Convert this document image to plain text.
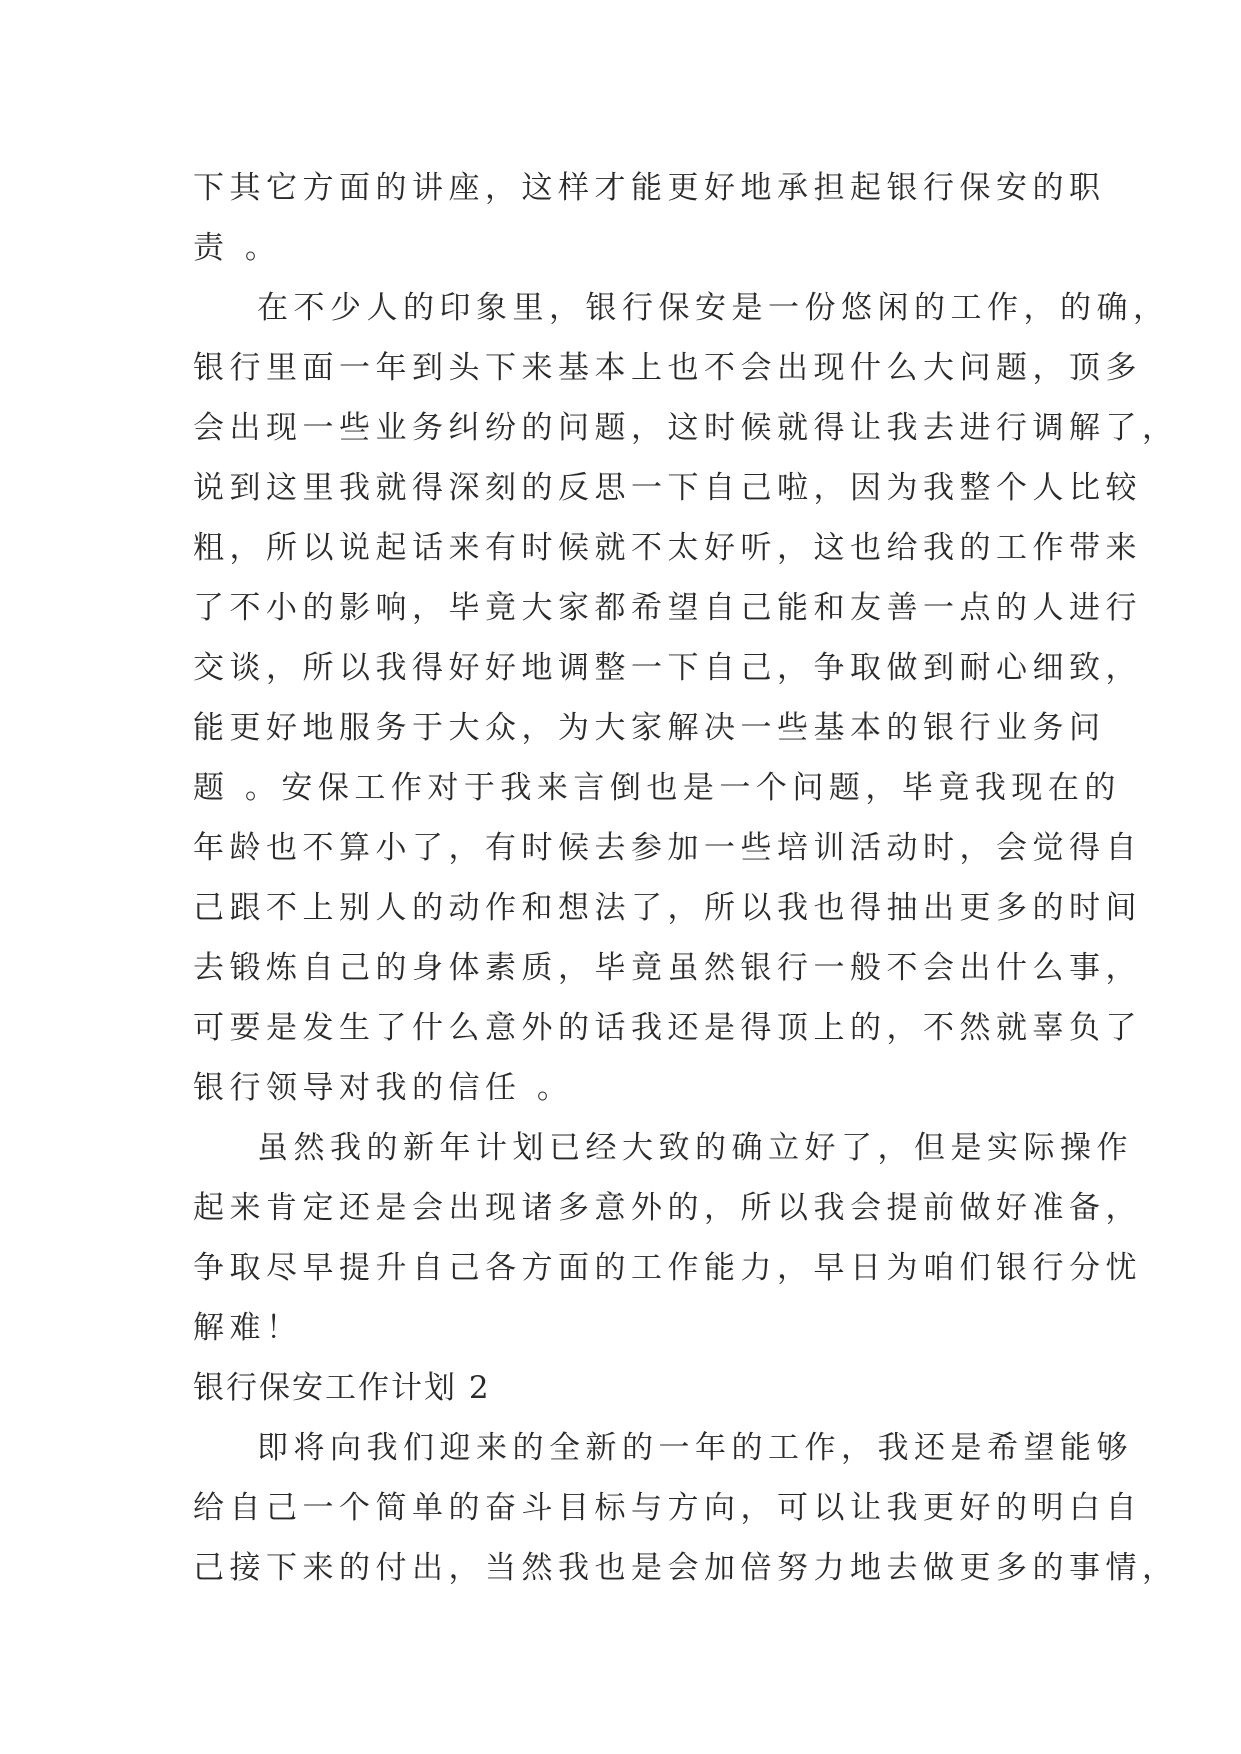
下其它方面的讲座，这样才能更好地承担起银行保安的职
责 。
在不少人的印象里，银行保安是一份悠闲的工作，的确，
银行里面一年到头下来基本上也不会出现什么大问题，顶多
会出现一些业务纠纷的问题，这时候就得让我去进行调解了，
说到这里我就得深刻的反思一下自己啦，因为我整个人比较
粗，所以说起话来有时候就不太好听，这也给我的工作带来
了不小的影响，毕竟大家都希望自己能和友善一点的人进行
交谈，所以我得好好地调整一下自己，争取做到耐心细致，
能更好地服务于大众，为大家解决一些基本的银行业务问
题 。安保工作对于我来言倒也是一个问题，毕竟我现在的
年龄也不算小了，有时候去参加一些培训活动时，会觉得自
己跟不上别人的动作和想法了，所以我也得抽出更多的时间
去锻炼自己的身体素质，毕竟虽然银行一般不会出什么事，
可要是发生了什么意外的话我还是得顶上的，不然就辜负了
银行领导对我的信任 。
虽然我的新年计划已经大致的确立好了，但是实际操作
起来肯定还是会出现诸多意外的，所以我会提前做好准备，
争取尽早提升自己各方面的工作能力，早日为咱们银行分忧
解难！
银行保安工作计划 2
即将向我们迎来的全新的一年的工作，我还是希望能够
给自己一个简单的奋斗目标与方向，可以让我更好的明白自
己接下来的付出，当然我也是会加倍努力地去做更多的事情，
